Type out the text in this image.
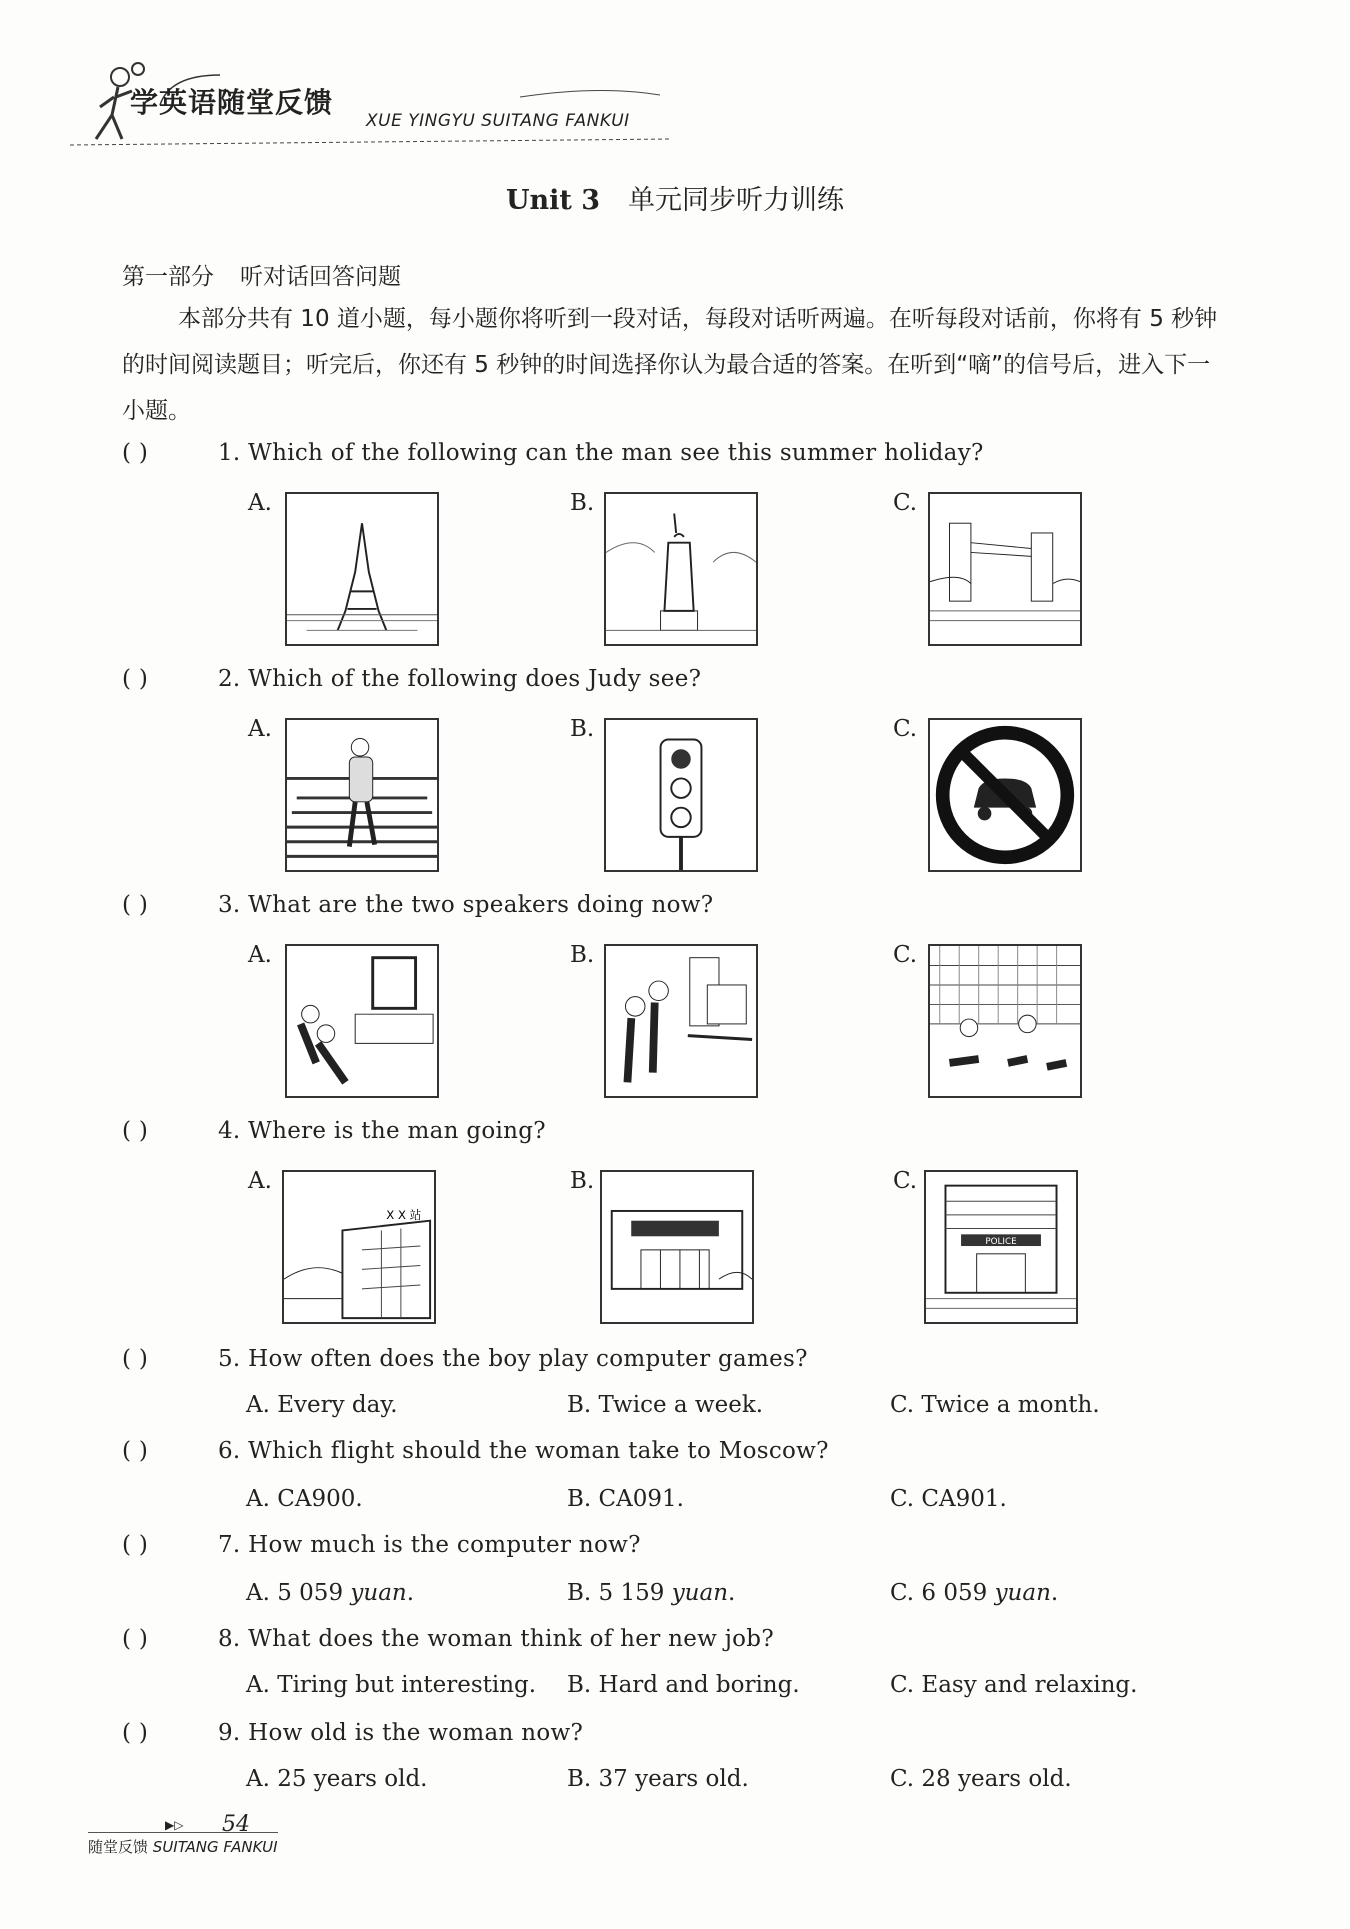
学英语随堂反馈
XUE YINGYU SUITANG FANKUI
Unit 3 单元同步听力训练
第一部分 听对话回答问题
本部分共有 10 道小题，每小题你将听到一段对话，每段对话听两遍。在听每段对话前，你将有 5 秒钟的时间阅读题目；听完后，你还有 5 秒钟的时间选择你认为最合适的答案。在听到“嘀”的信号后，进入下一小题。
( )	1. Which of the following can the man see this summer holiday?
A.	B.	C.
( )	2. Which of the following does Judy see?
A.	B.	C.
( )	3. What are the two speakers doing now?
A.	B.	C.
( )	4. Where is the man going?
A.	B.	C.
X X 站
POLICE
( )	5. How often does the boy play computer games?
A. Every day.	B. Twice a week.	C. Twice a month.
( )	6. Which flight should the woman take to Moscow?
A. CA900.	B. CA091.	C. CA901.
( )	7. How much is the computer now?
A. 5 059 yuan.	B. 5 159 yuan.	C. 6 059 yuan.
( )	8. What does the woman think of her new job?
A. Tiring but interesting. B. Hard and boring.	C. Easy and relaxing.
( )	9. How old is the woman now?
A. 25 years old.	B. 37 years old.	C. 28 years old.
▶▷ 54
随堂反馈 SUITANG FANKUI
